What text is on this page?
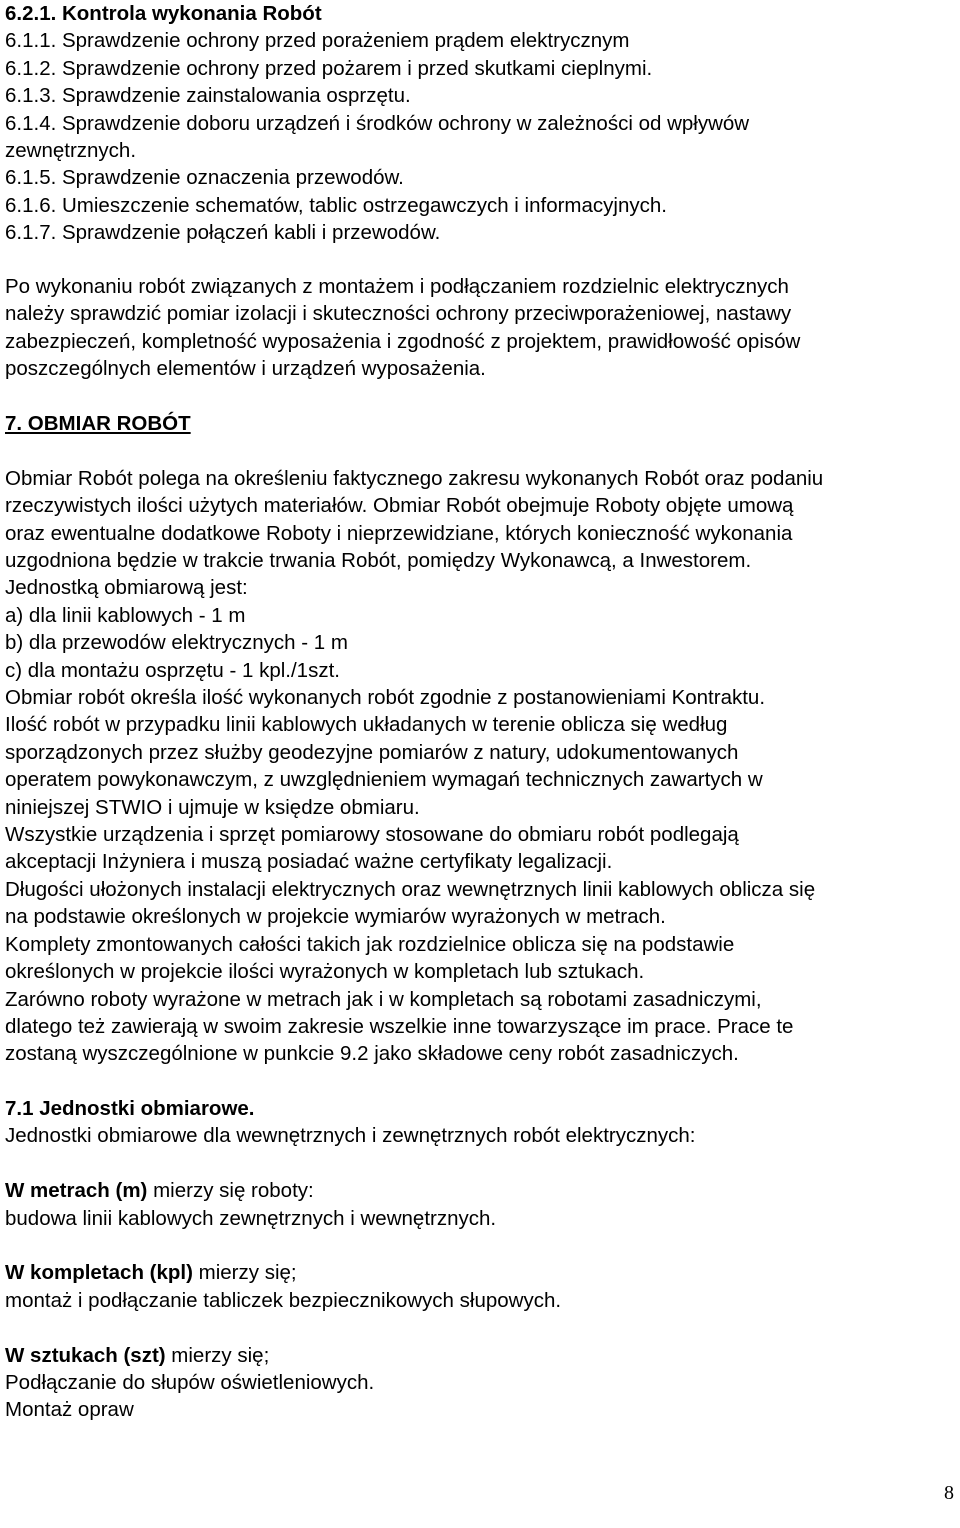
6.2.1. Kontrola wykonania Robót
6.1.1. Sprawdzenie ochrony przed porażeniem prądem elektrycznym
6.1.2. Sprawdzenie ochrony przed pożarem i przed skutkami cieplnymi.
6.1.3. Sprawdzenie zainstalowania osprzętu.
6.1.4. Sprawdzenie doboru urządzeń i środków ochrony w zależności od wpływów
zewnętrznych.
6.1.5. Sprawdzenie oznaczenia przewodów.
6.1.6. Umieszczenie schematów, tablic ostrzegawczych i informacyjnych.
6.1.7. Sprawdzenie połączeń kabli i przewodów.
Po wykonaniu robót związanych z montażem i podłączaniem rozdzielnic elektrycznych
należy sprawdzić pomiar izolacji i skuteczności ochrony przeciwporażeniowej, nastawy
zabezpieczeń, kompletność wyposażenia i zgodność z projektem, prawidłowość opisów
poszczególnych elementów i urządzeń wyposażenia.
7. OBMIAR ROBÓT
Obmiar Robót polega na określeniu faktycznego zakresu wykonanych Robót oraz podaniu
rzeczywistych ilości użytych materiałów. Obmiar Robót obejmuje Roboty objęte umową
oraz ewentualne dodatkowe Roboty i nieprzewidziane, których konieczność wykonania
uzgodniona będzie w trakcie trwania Robót, pomiędzy Wykonawcą, a Inwestorem.
Jednostką obmiarową jest:
a) dla linii kablowych - 1 m
b) dla przewodów elektrycznych - 1 m
c) dla montażu osprzętu - 1 kpl./1szt.
Obmiar robót określa ilość wykonanych robót zgodnie z postanowieniami Kontraktu.
Ilość robót w przypadku linii kablowych układanych w terenie oblicza się według
sporządzonych przez służby geodezyjne pomiarów z natury, udokumentowanych
operatem powykonawczym, z uwzględnieniem wymagań technicznych zawartych w
niniejszej STWIO i ujmuje w księdze obmiaru.
Wszystkie urządzenia i sprzęt pomiarowy stosowane do obmiaru robót podlegają
akceptacji Inżyniera i muszą posiadać ważne certyfikaty legalizacji.
Długości ułożonych instalacji elektrycznych oraz wewnętrznych linii kablowych oblicza się
na podstawie określonych w projekcie wymiarów wyrażonych w metrach.
Komplety zmontowanych całości takich jak rozdzielnice oblicza się na podstawie
określonych w projekcie ilości wyrażonych w kompletach lub sztukach.
Zarówno roboty wyrażone w metrach jak i w kompletach są robotami zasadniczymi,
dlatego też zawierają w swoim zakresie wszelkie inne towarzyszące im prace. Prace te
zostaną wyszczególnione w punkcie 9.2 jako składowe ceny robót zasadniczych.
7.1 Jednostki obmiarowe.
Jednostki obmiarowe dla wewnętrznych i zewnętrznych robót elektrycznych:
W metrach (m) mierzy się roboty:
budowa linii kablowych zewnętrznych i wewnętrznych.
W kompletach (kpl) mierzy się;
montaż i podłączanie tabliczek bezpiecznikowych słupowych.
W sztukach (szt) mierzy się;
Podłączanie do słupów oświetleniowych.
Montaż opraw
8
